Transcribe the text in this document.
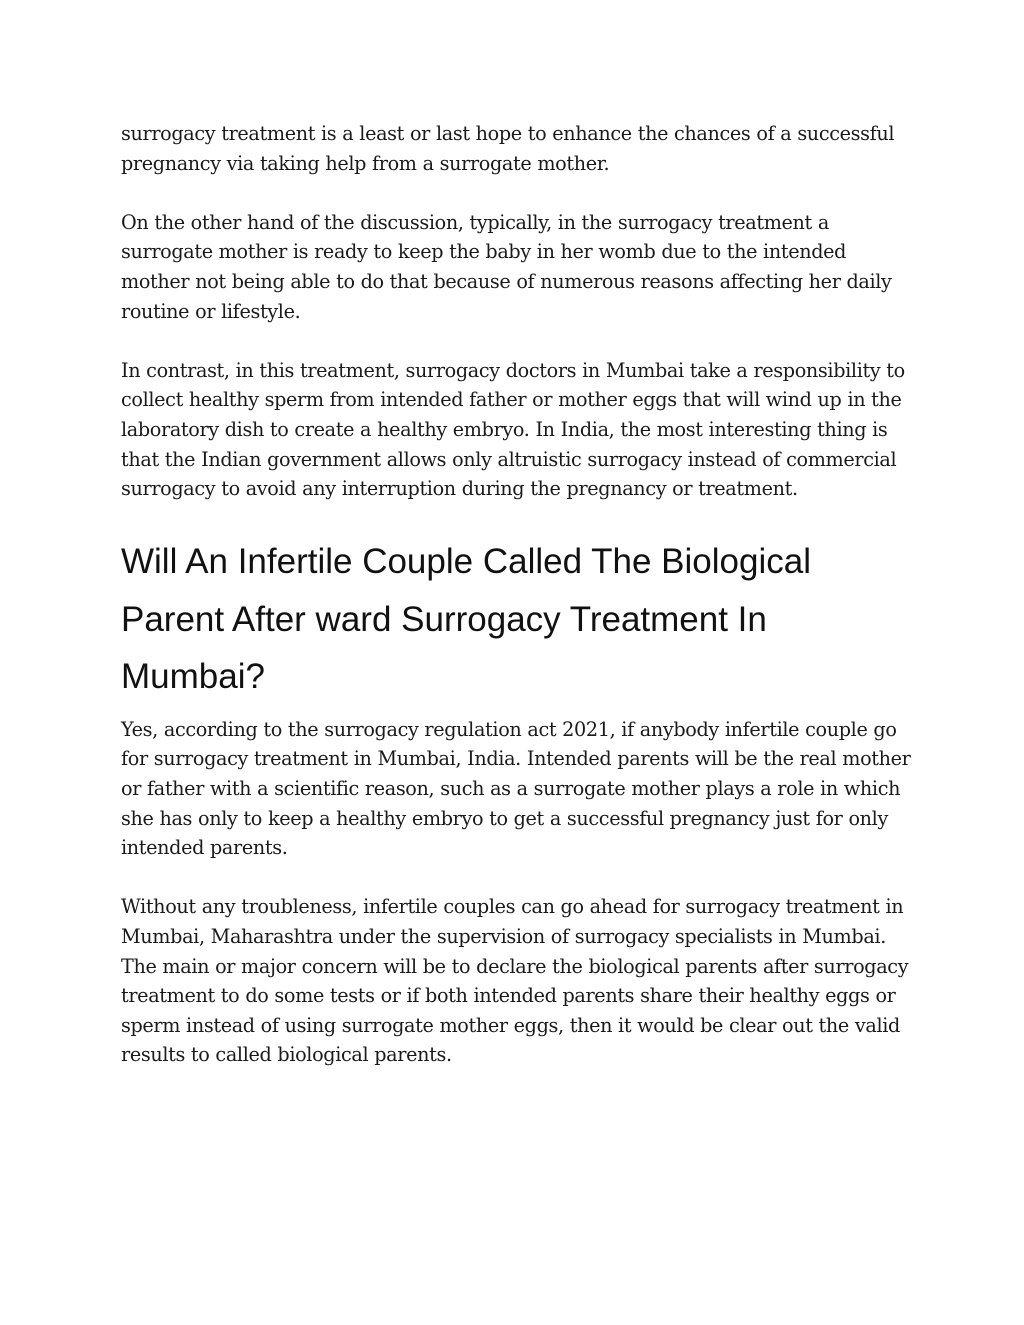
surrogacy treatment is a least or last hope to enhance the chances of a successful pregnancy via taking help from a surrogate mother.

On the other hand of the discussion, typically, in the surrogacy treatment a surrogate mother is ready to keep the baby in her womb due to the intended mother not being able to do that because of numerous reasons affecting her daily routine or lifestyle.

In contrast, in this treatment, surrogacy doctors in Mumbai take a responsibility to collect healthy sperm from intended father or mother eggs that will wind up in the laboratory dish to create a healthy embryo. In India, the most interesting thing is that the Indian government allows only altruistic surrogacy instead of commercial surrogacy to avoid any interruption during the pregnancy or treatment.

Will An Infertile Couple Called The Biological Parent After ward Surrogacy Treatment In Mumbai?

Yes, according to the surrogacy regulation act 2021, if anybody infertile couple go for surrogacy treatment in Mumbai, India. Intended parents will be the real mother or father with a scientific reason, such as a surrogate mother plays a role in which she has only to keep a healthy embryo to get a successful pregnancy just for only intended parents.

Without any troubleness, infertile couples can go ahead for surrogacy treatment in Mumbai, Maharashtra under the supervision of surrogacy specialists in Mumbai. The main or major concern will be to declare the biological parents after surrogacy treatment to do some tests or if both intended parents share their healthy eggs or sperm instead of using surrogate mother eggs, then it would be clear out the valid results to called biological parents.
